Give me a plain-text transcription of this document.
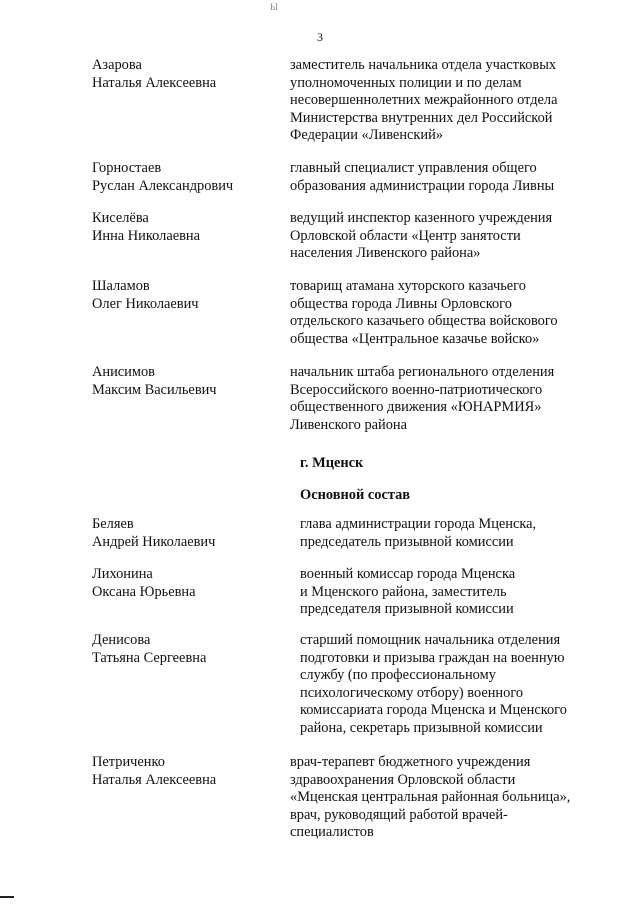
Ы
3
Азарова
Наталья Алексеевна
заместитель начальника отдела участковых
уполномоченных полиции и по делам
несовершеннолетних межрайонного отдела
Министерства внутренних дел Российской
Федерации «Ливенский»
Горностаев
Руслан Александрович
главный специалист управления общего
образования администрации города Ливны
Киселёва
Инна Николаевна
ведущий инспектор казенного учреждения
Орловской области «Центр занятости
населения Ливенского района»
Шаламов
Олег Николаевич
товарищ атамана хуторского казачьего
общества города Ливны Орловского
отдельского казачьего общества войскового
общества «Центральное казачье войско»
Анисимов
Максим Васильевич
начальник штаба регионального отделения
Всероссийского военно-патриотического
общественного движения «ЮНАРМИЯ»
Ливенского района
г. Мценск
Основной состав
Беляев
Андрей Николаевич
глава администрации города Мценска,
председатель призывной комиссии
Лихонина
Оксана Юрьевна
военный комиссар города Мценска
и Мценского района, заместитель
председателя призывной комиссии
Денисова
Татьяна Сергеевна
старший помощник начальника отделения
подготовки и призыва граждан на военную
службу (по профессиональному
психологическому отбору) военного
комиссариата города Мценска и Мценского
района, секретарь призывной комиссии
Петриченко
Наталья Алексеевна
врач-терапевт бюджетного учреждения
здравоохранения Орловской области
«Мценская центральная районная больница»,
врач, руководящий работой врачей-
специалистов
